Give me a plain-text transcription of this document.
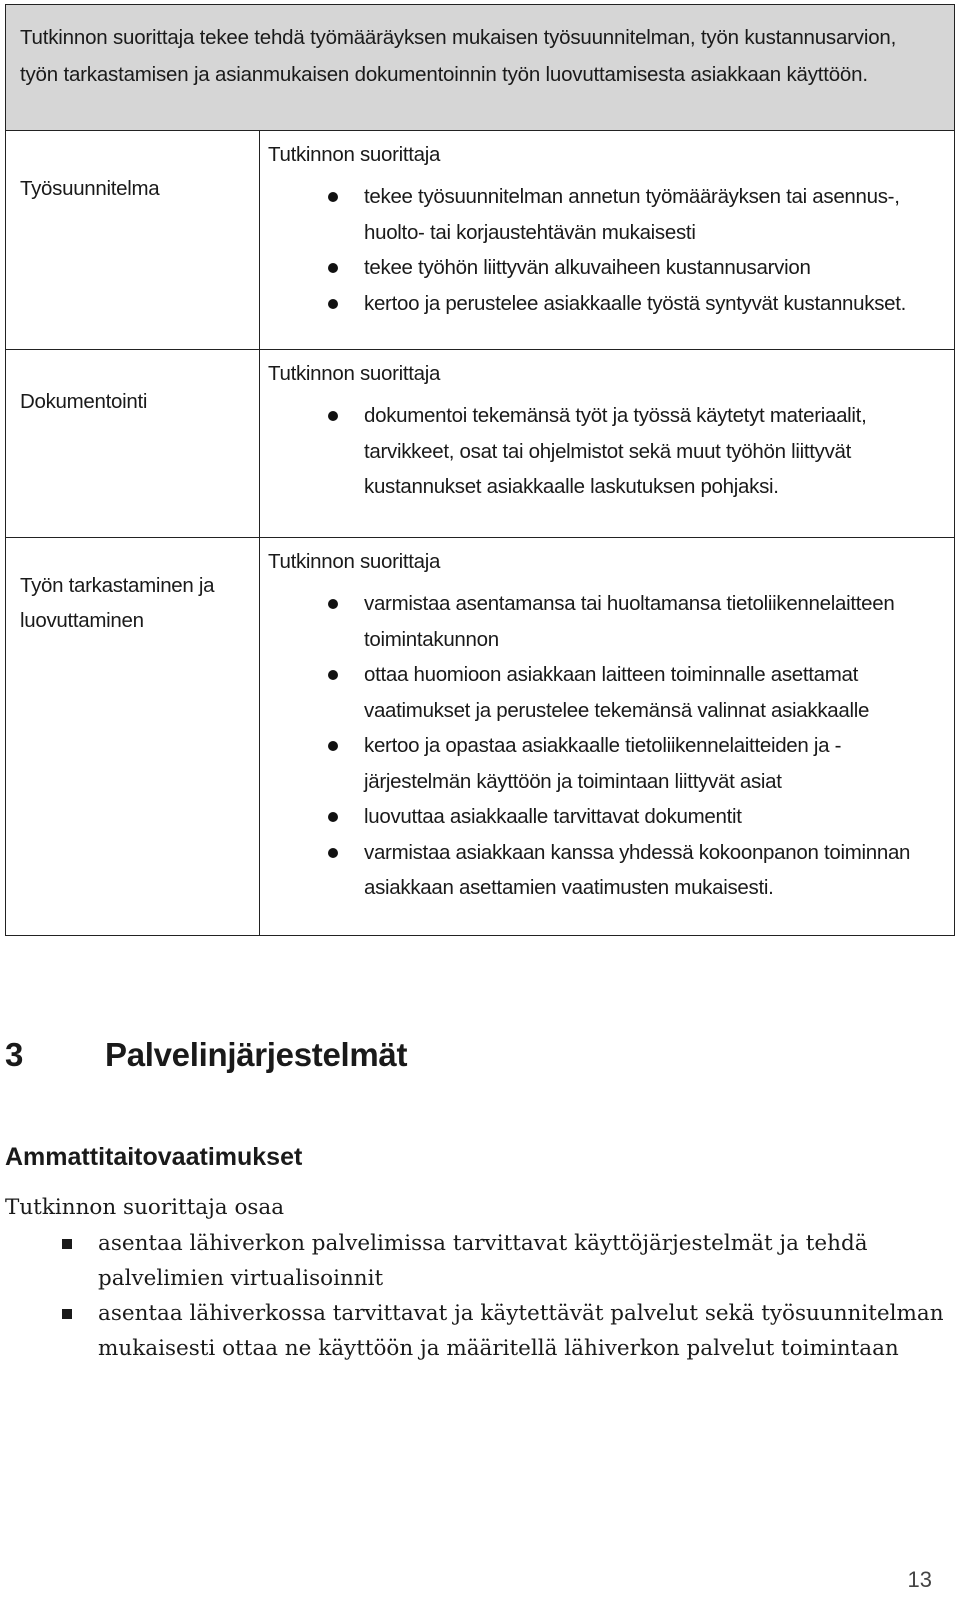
Tutkinnon suorittaja tekee tehdä työmääräyksen mukaisen työsuunnitelman, työn kustannusarvion, työn tarkastamisen ja asianmukaisen dokumentoinnin työn luovuttamisesta asiakkaan käyttöön.
Työsuunnitelma
Tutkinnon suorittaja
tekee työsuunnitelman annetun työmääräyksen tai asennus-, huolto- tai korjaustehtävän mukaisesti
tekee työhön liittyvän alkuvaiheen kustannusarvion
kertoo ja perustelee asiakkaalle työstä syntyvät kustannukset.
Dokumentointi
Tutkinnon suorittaja
dokumentoi tekemänsä työt ja työssä käytetyt materiaalit, tarvikkeet, osat tai ohjelmistot sekä muut työhön liittyvät kustannukset asiakkaalle laskutuksen pohjaksi.
Työn tarkastaminen ja luovuttaminen
Tutkinnon suorittaja
varmistaa asentamansa tai huoltamansa tietoliikennelaitteen toimintakunnon
ottaa huomioon asiakkaan laitteen toiminnalle asettamat vaatimukset ja perustelee tekemänsä valinnat asiakkaalle
kertoo ja opastaa asiakkaalle tietoliikennelaitteiden ja -järjestelmän käyttöön ja toimintaan liittyvät asiat
luovuttaa asiakkaalle tarvittavat dokumentit
varmistaa asiakkaan kanssa yhdessä kokoonpanon toiminnan asiakkaan asettamien vaatimusten mukaisesti.
3 Palvelinjärjestelmät
Ammattitaitovaatimukset
Tutkinnon suorittaja osaa
asentaa lähiverkon palvelimissa tarvittavat käyttöjärjestelmät ja tehdä palvelimien virtualisoinnit
asentaa lähiverkossa tarvittavat ja käytettävät palvelut sekä työsuunnitelman mukaisesti ottaa ne käyttöön ja määritellä lähiverkon palvelut toimintaan
13
